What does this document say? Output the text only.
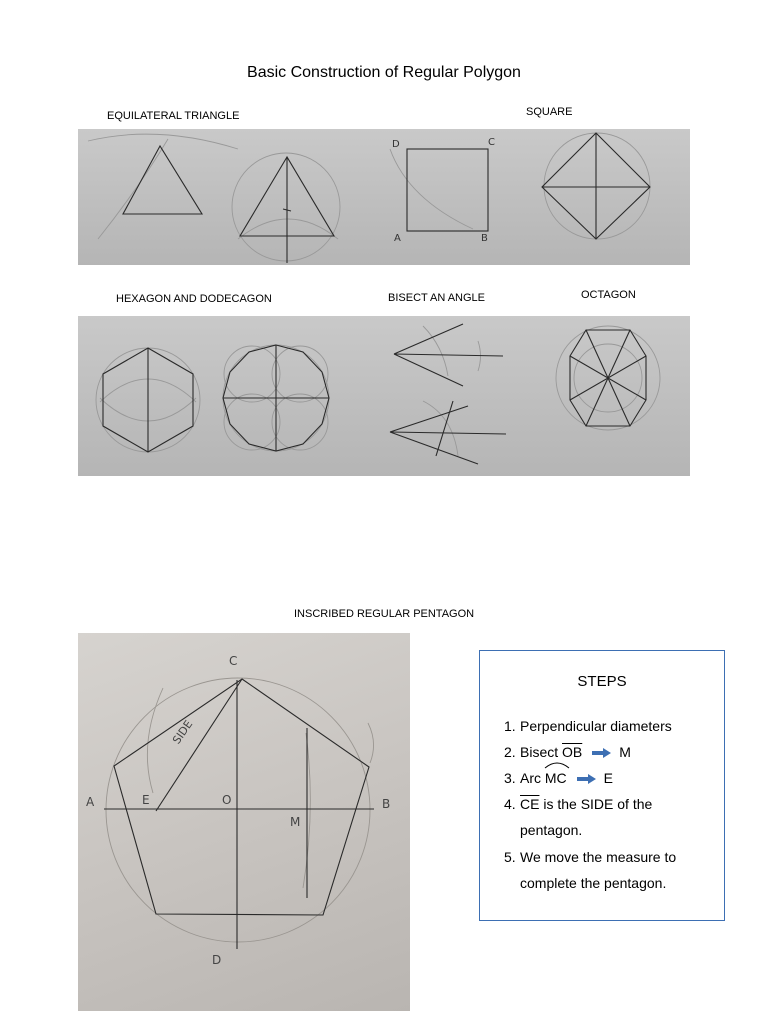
Basic Construction of Regular Polygon
EQUILATERAL TRIANGLE	SQUARE
D	C
A	B
HEXAGON AND DODECAGON	BISECT AN ANGLE	OCTAGON
INSCRIBED REGULAR PENTAGON
C
A	E	O	B
M
D
SIDE
STEPS
1. Perpendicular diameters
2. Bisect $\overline{OB}$	M
3. Arc
MC	E
4. $\overline{CE}$ is the SIDE of the
pentagon.
5. We move the measure to
complete the pentagon.
